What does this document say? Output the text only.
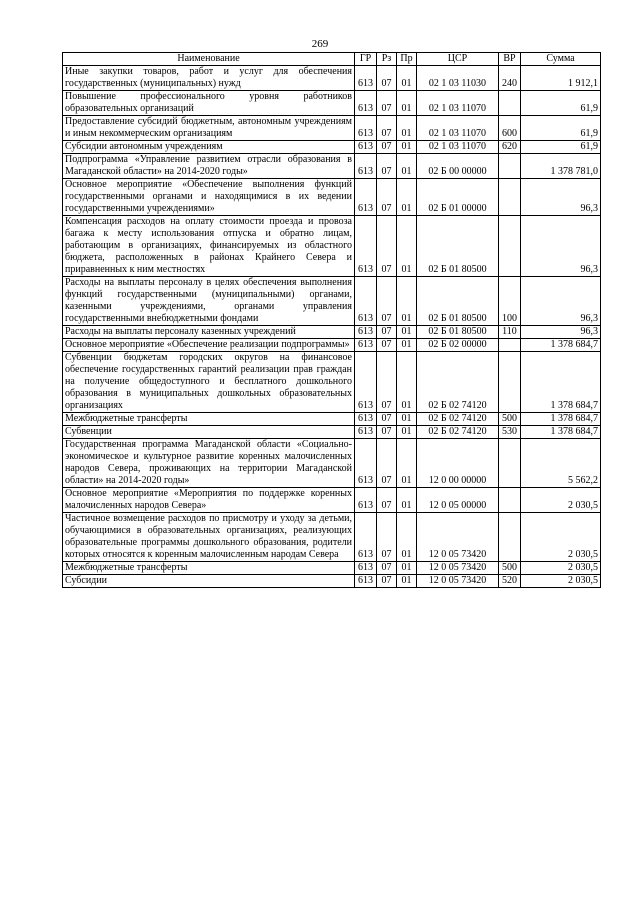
269
Наименование	ГР	Рз	Пр	ЦСР	ВР	Сумма
Иные закупки товаров, работ и услуг для обеспечения государственных (муниципальных) нужд	613	07	01	02 1 03 11030	240	1 912,1
Повышение профессионального уровня работников образовательных организаций	613	07	01	02 1 03 11070		61,9
Предоставление субсидий бюджетным, автономным учреждениям и иным некоммерческим организациям	613	07	01	02 1 03 11070	600	61,9
Субсидии автономным учреждениям	613	07	01	02 1 03 11070	620	61,9
Подпрограмма «Управление развитием отрасли образования в Магаданской области» на 2014-2020 годы»	613	07	01	02 Б 00 00000		1 378 781,0
Основное мероприятие «Обеспечение выполнения функций государственными органами и находящимися в их ведении государственными учреждениями»	613	07	01	02 Б 01 00000		96,3
Компенсация расходов на оплату стоимости проезда и провоза багажа к месту использования отпуска и обратно лицам, работающим в организациях, финансируемых из областного бюджета, расположенных в районах Крайнего Севера и приравненных к ним местностях	613	07	01	02 Б 01 80500		96,3
Расходы на выплаты персоналу в целях обеспечения выполнения функций государственными (муниципальными) органами, казенными учреждениями, органами управления государственными внебюджетными фондами	613	07	01	02 Б 01 80500	100	96,3
Расходы на выплаты персоналу казенных учреждений	613	07	01	02 Б 01 80500	110	96,3
Основное мероприятие «Обеспечение реализации подпрограммы»	613	07	01	02 Б 02 00000		1 378 684,7
Субвенции бюджетам городских округов на финансовое обеспечение государственных гарантий реализации прав граждан на получение общедоступного и бесплатного дошкольного образования в муниципальных дошкольных образовательных организациях	613	07	01	02 Б 02 74120		1 378 684,7
Межбюджетные трансферты	613	07	01	02 Б 02 74120	500	1 378 684,7
Субвенции	613	07	01	02 Б 02 74120	530	1 378 684,7
Государственная программа Магаданской области «Социально-экономическое и культурное развитие коренных малочисленных народов Севера, проживающих на территории Магаданской области» на 2014-2020 годы»	613	07	01	12 0 00 00000		5 562,2
Основное мероприятие «Мероприятия по поддержке коренных малочисленных народов Севера»	613	07	01	12 0 05 00000		2 030,5
Частичное возмещение расходов по присмотру и уходу за детьми, обучающимися в образовательных организациях, реализующих образовательные программы дошкольного образования, родители которых относятся к коренным малочисленным народам Севера	613	07	01	12 0 05 73420		2 030,5
Межбюджетные трансферты	613	07	01	12 0 05 73420	500	2 030,5
Субсидии	613	07	01	12 0 05 73420	520	2 030,5
